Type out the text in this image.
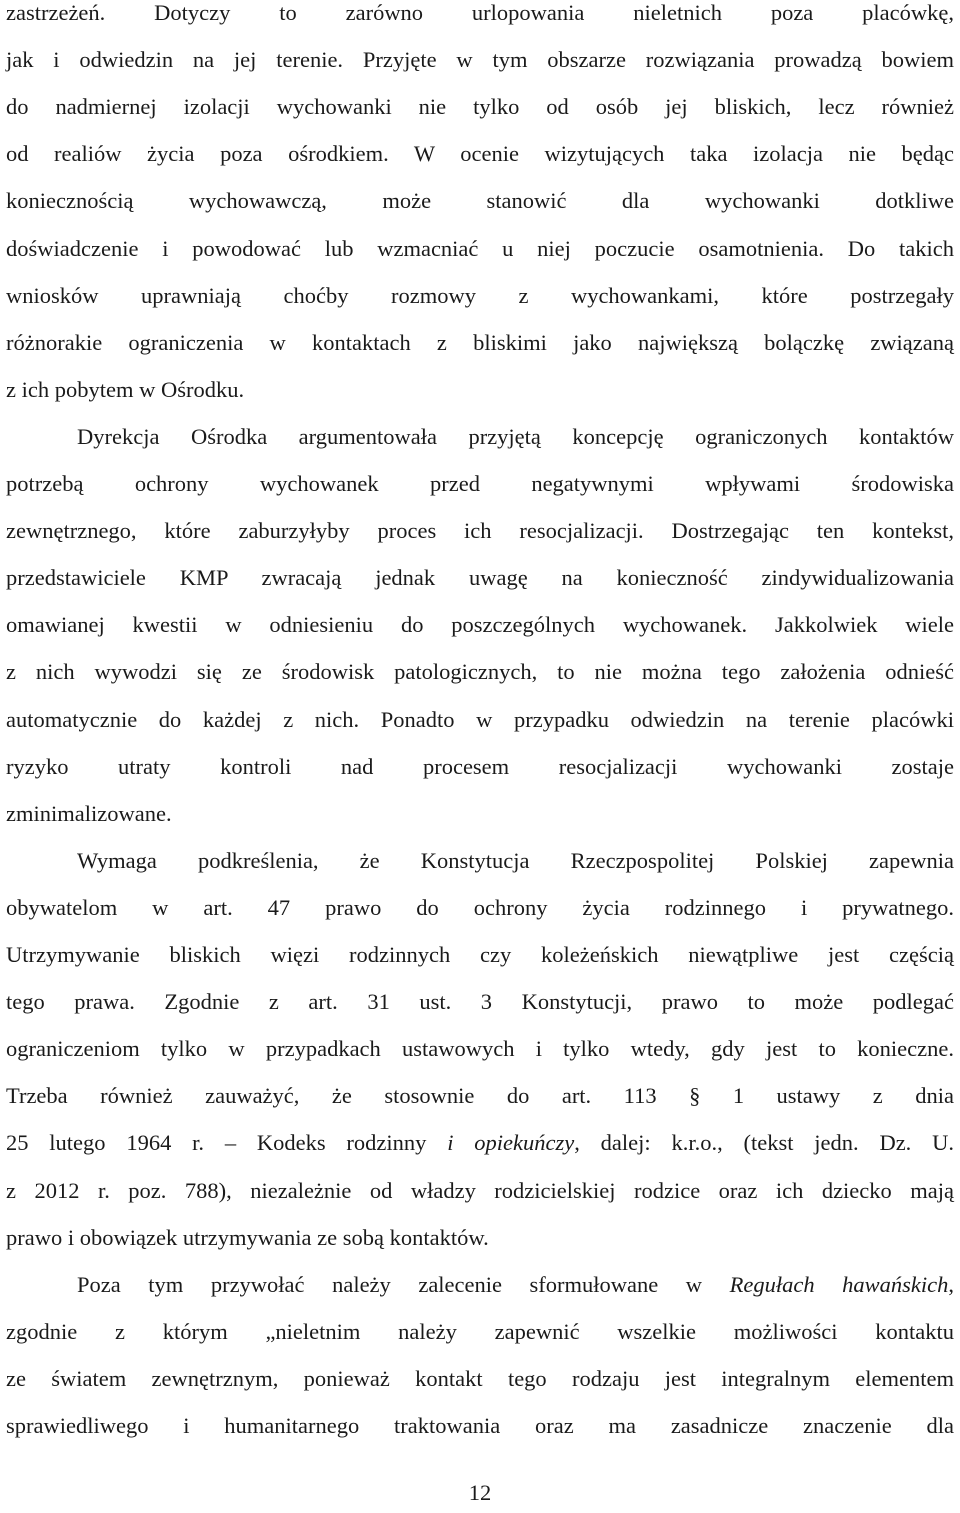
zastrzeżeń. Dotyczy to zarówno urlopowania nieletnich poza placówkę,
jak i odwiedzin na jej terenie. Przyjęte w tym obszarze rozwiązania prowadzą bowiem
do nadmiernej izolacji wychowanki nie tylko od osób jej bliskich, lecz również
od realiów życia poza ośrodkiem. W ocenie wizytujących taka izolacja nie będąc
koniecznością wychowawczą, może stanowić dla wychowanki dotkliwe
doświadczenie i powodować lub wzmacniać u niej poczucie osamotnienia. Do takich
wniosków uprawniają choćby rozmowy z wychowankami, które postrzegały
różnorakie ograniczenia w kontaktach z bliskimi jako największą bolączkę związaną
z ich pobytem w Ośrodku.
Dyrekcja Ośrodka argumentowała przyjętą koncepcję ograniczonych kontaktów
potrzebą ochrony wychowanek przed negatywnymi wpływami środowiska
zewnętrznego, które zaburzyłyby proces ich resocjalizacji. Dostrzegając ten kontekst,
przedstawiciele KMP zwracają jednak uwagę na konieczność zindywidualizowania
omawianej kwestii w odniesieniu do poszczególnych wychowanek. Jakkolwiek wiele
z nich wywodzi się ze środowisk patologicznych, to nie można tego założenia odnieść
automatycznie do każdej z nich. Ponadto w przypadku odwiedzin na terenie placówki
ryzyko utraty kontroli nad procesem resocjalizacji wychowanki zostaje
zminimalizowane.
Wymaga podkreślenia, że Konstytucja Rzeczpospolitej Polskiej zapewnia
obywatelom w art. 47 prawo do ochrony życia rodzinnego i prywatnego.
Utrzymywanie bliskich więzi rodzinnych czy koleżeńskich niewątpliwe jest częścią
tego prawa. Zgodnie z art. 31 ust. 3 Konstytucji, prawo to może podlegać
ograniczeniom tylko w przypadkach ustawowych i tylko wtedy, gdy jest to konieczne.
Trzeba również zauważyć, że stosownie do art. 113 § 1 ustawy z dnia
25 lutego 1964 r. – Kodeks rodzinny i opiekuńczy, dalej: k.r.o., (tekst jedn. Dz. U.
z 2012 r. poz. 788), niezależnie od władzy rodzicielskiej rodzice oraz ich dziecko mają
prawo i obowiązek utrzymywania ze sobą kontaktów.
Poza tym przywołać należy zalecenie sformułowane w Regułach hawańskich,
zgodnie z którym „nieletnim należy zapewnić wszelkie możliwości kontaktu
ze światem zewnętrznym, ponieważ kontakt tego rodzaju jest integralnym elementem
sprawiedliwego i humanitarnego traktowania oraz ma zasadnicze znaczenie dla
12
